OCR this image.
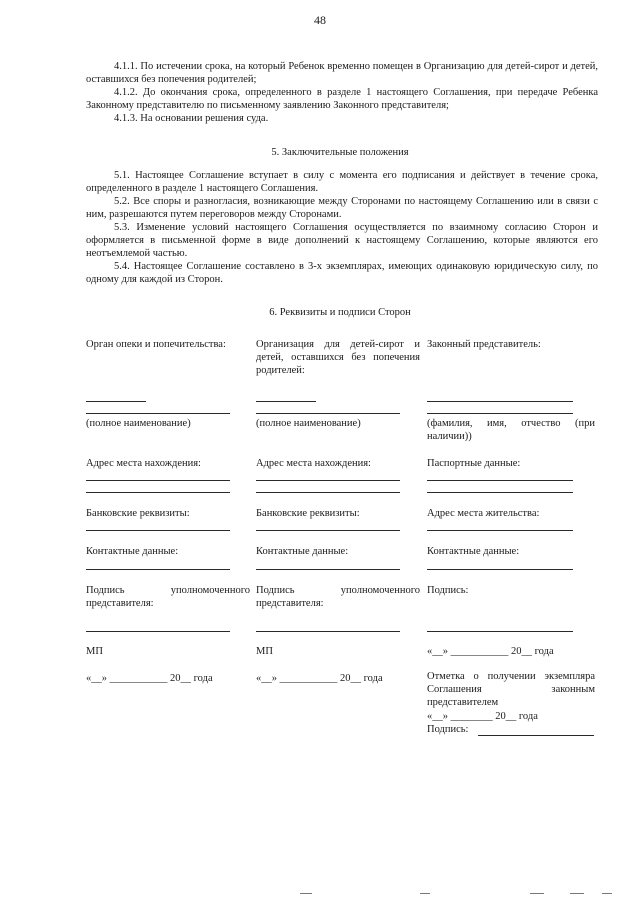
48
4.1.1. По истечении срока, на который Ребенок временно помещен в Организацию для детей-сирот и детей, оставшихся без попечения родителей;
4.1.2. До окончания срока, определенного в разделе 1 настоящего Соглашения, при передаче Ребенка Законному представителю по письменному заявлению Законного представителя;
4.1.3. На основании решения суда.
5. Заключительные положения
5.1. Настоящее Соглашение вступает в силу с момента его подписания и действует в течение срока, определенного в разделе 1 настоящего Соглашения.
5.2. Все споры и разногласия, возникающие между Сторонами по настоящему Соглашению или в связи с ним, разрешаются путем переговоров между Сторонами.
5.3. Изменение условий настоящего Соглашения осуществляется по взаимному согласию Сторон и оформляется в письменной форме в виде дополнений к настоящему Соглашению, которые являются его неотъемлемой частью.
5.4. Настоящее Соглашение составлено в 3-х экземплярах, имеющих одинаковую юридическую силу, по одному для каждой из Сторон.
6. Реквизиты и подписи Сторон
Орган опеки и попечительства:
(полное наименование)
Адрес места нахождения:
Банковские реквизиты:
Контактные данные:
Подпись уполномоченного представителя:
МП
«__» ___________ 20__ года
Организация для детей-сирот и детей, оставшихся без попечения родителей:
(полное наименование)
Адрес места нахождения:
Банковские реквизиты:
Контактные данные:
Подпись уполномоченного представителя:
МП
«__» ___________ 20__ года
Законный представитель:
(фамилия, имя, отчество (при наличии))
Паспортные данные:
Адрес места жительства:
Контактные данные:
Подпись:
«__» ___________ 20__ года
Отметка о получении экземпляра Соглашения законным представителем
«__» ________ 20__ года
Подпись:
